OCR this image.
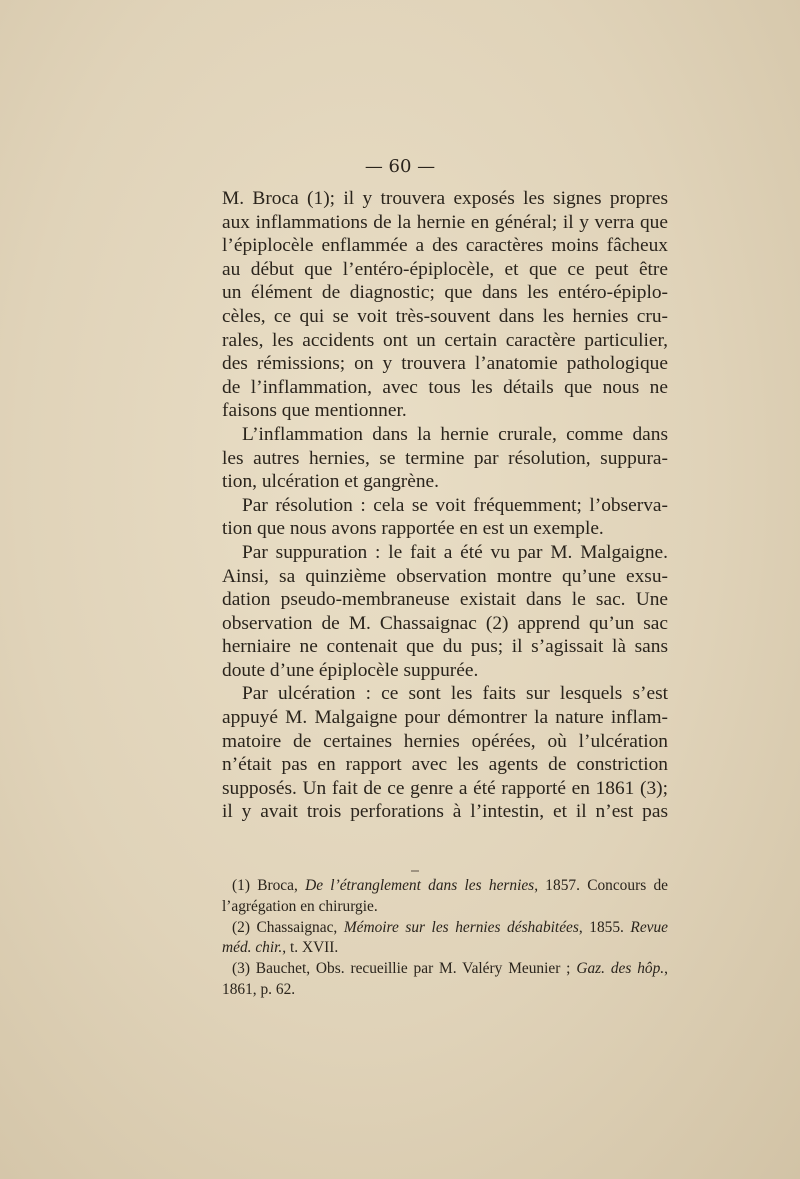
— 60 —

M. Broca (1); il y trouvera exposés les signes propres

aux inflammations de la hernie en général; il y verra que

l’épiplocèle enflammée a des caractères moins fâcheux

au début que l’entéro-épiplocèle, et que ce peut être

un élément de diagnostic; que dans les entéro-épiplo-

cèles, ce qui se voit très-souvent dans les hernies cru-

rales, les accidents ont un certain caractère particulier,

des rémissions; on y trouvera l’anatomie pathologique

de l’inflammation, avec tous les détails que nous ne

faisons que mentionner.

L’inflammation dans la hernie crurale, comme dans

les autres hernies, se termine par résolution, suppura-

tion, ulcération et gangrène.

Par résolution : cela se voit fréquemment; l’observa-

tion que nous avons rapportée en est un exemple.

Par suppuration : le fait a été vu par M. Malgaigne.

Ainsi, sa quinzième observation montre qu’une exsu-

dation pseudo-membraneuse existait dans le sac. Une

observation de M. Chassaignac (2) apprend qu’un sac

herniaire ne contenait que du pus; il s’agissait là sans

doute d’une épiplocèle suppurée.

Par ulcération : ce sont les faits sur lesquels s’est

appuyé M. Malgaigne pour démontrer la nature inflam-

matoire de certaines hernies opérées, où l’ulcération

n’était pas en rapport avec les agents de constriction

supposés. Un fait de ce genre a été rapporté en 1861 (3);

il y avait trois perforations à l’intestin, et il n’est pas

(1) Broca, De l’étranglement dans les hernies, 1857. Concours de

l’agrégation en chirurgie.

(2) Chassaignac, Mémoire sur les hernies déshabitées, 1855. Revue

méd. chir., t. XVII.

(3) Bauchet, Obs. recueillie par M. Valéry Meunier ; Gaz. des hôp.,

1861, p. 62.
